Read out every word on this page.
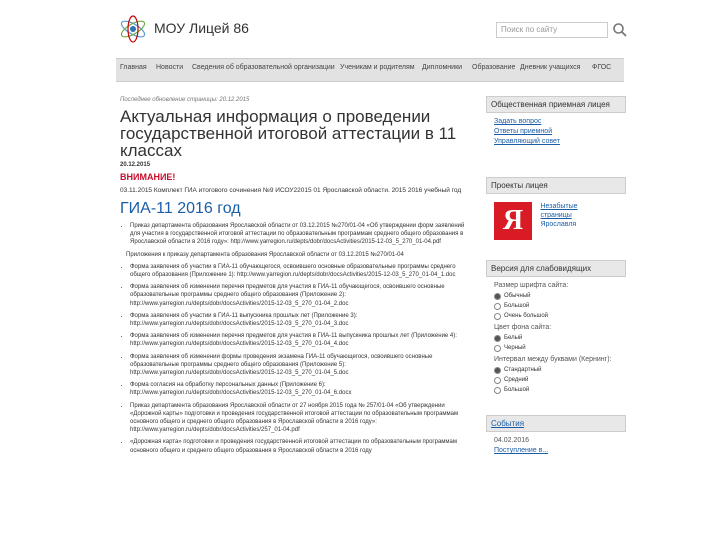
МОУ Лицей 86	Поиск по сайту
Главная Новости Сведения об образовательной организации Ученикам и родителям Дипломники Образование Дневник учащихся ФГОС

Последнее обновление страницы: 20.12.2015

Актуальная информация о проведении государственной итоговой аттестации в 11 классах

20.12.2015

ВНИМАНИЕ!

03.11.2015 Комплект ГИА итогового сочинения №9 ИСОУ22015 01 Ярославской области. 2015 2016 учебный год

ГИА-11 2016 год
• Приказ департамента образования Ярославской области от 03.12.2015 №270/01-04 «Об утверждении форм заявлений для участия в государственной итоговой аттестации по образовательным программам среднего общего образования в Ярославской области в 2016 году»: http://www.yarregion.ru/depts/dobr/docsActivities/2015-12-03_5_270_01-04.pdf
Приложения к приказу департамента образования Ярославской области от 03.12.2015 №270/01-04
• Форма заявления об участии в ГИА-11 обучающегося, освоившего основные образовательные программы среднего общего образования (Приложение 1): http://www.yarregion.ru/depts/dobr/docsActivities/2015-12-03_5_270_01-04_1.doc
• Форма заявления об изменении перечня предметов для участия в ГИА-11 обучающегося, освоившего основные образовательные программы среднего общего образования (Приложение 2): http://www.yarregion.ru/depts/dobr/docsActivities/2015-12-03_5_270_01-04_2.doc
• Форма заявления об участии в ГИА-11 выпускника прошлых лет (Приложение 3): http://www.yarregion.ru/depts/dobr/docsActivities/2015-12-03_5_270_01-04_3.doc
• Форма заявления об изменении перечня предметов для участия в ГИА-11 выпускника прошлых лет (Приложение 4): http://www.yarregion.ru/depts/dobr/docsActivities/2015-12-03_5_270_01-04_4.doc
• Форма заявления об изменении формы проведения экзамена ГИА-11 обучающегося, освоившего основные образовательные программы среднего общего образования (Приложение 5): http://www.yarregion.ru/depts/dobr/docsActivities/2015-12-03_5_270_01-04_5.doc
• Форма согласия на обработку персональных данных (Приложение 6): http://www.yarregion.ru/depts/dobr/docsActivities/2015-12-03_5_270_01-04_6.docx
• Приказ департамента образования Ярославской области от 27 ноября 2015 года № 257/01-04 «Об утверждении «Дорожной карты» подготовки и проведения государственной итоговой аттестации по образовательным программам основного общего и среднего общего образования в Ярославской области в 2016 году»: http://www.yarregion.ru/depts/dobr/docsActivities/257_01-04.pdf
• «Дорожная карта» подготовки и проведения государственной итоговой аттестации по образовательным программам основного общего и среднего общего образования в Ярославской области в 2016 году
Общественная приемная лицея
Задать вопрос
Ответы приемной
Управляющий совет
Проекты лицея
Я Незабытые
страницы
Ярославля
Версия для слабовидящих
Размер шрифта сайта:
Обычный
Большой
Очень большой
Цвет фона сайта:
Белый
Черный
Интервал между буквами (Кернинг):
Стандартный
Средний
Большой
События
04.02.2016
Поступление в...
